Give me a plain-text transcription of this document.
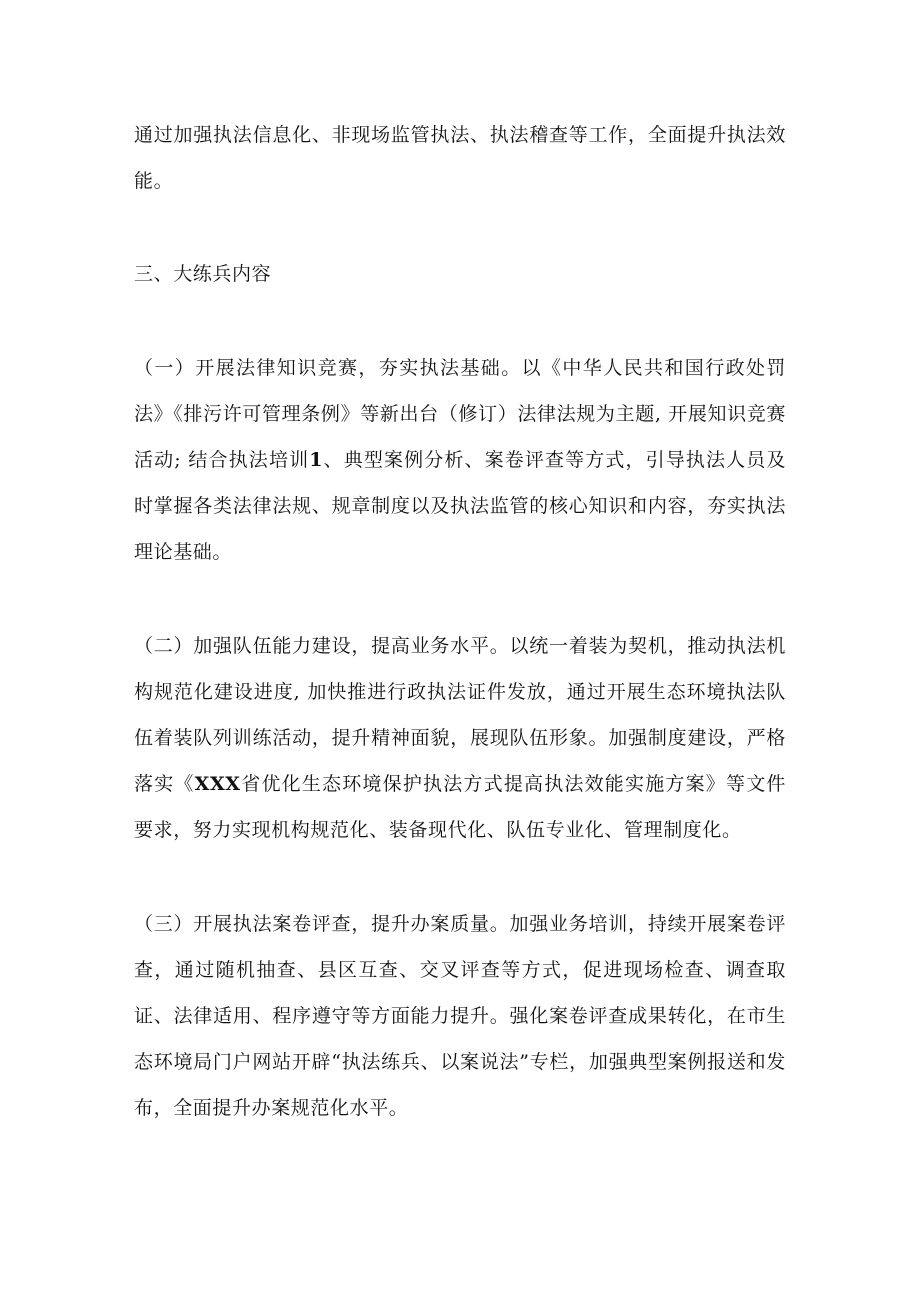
通过加强执法信息化、非现场监管执法、执法稽查等工作，全面提升执法效能。

三、大练兵内容

（一）开展法律知识竞赛，夯实执法基础。以《中华人民共和国行政处罚法》《排污许可管理条例》等新出台（修订）法律法规为主题, 开展知识竞赛活动; 结合执法培训1、典型案例分析、案卷评查等方式，引导执法人员及时掌握各类法律法规、规章制度以及执法监管的核心知识和内容，夯实执法理论基础。

（二）加强队伍能力建设，提高业务水平。以统一着装为契机，推动执法机构规范化建设进度, 加快推进行政执法证件发放，通过开展生态环境执法队伍着装队列训练活动，提升精神面貌，展现队伍形象。加强制度建设，严格落实《XXX省优化生态环境保护执法方式提高执法效能实施方案》等文件要求，努力实现机构规范化、装备现代化、队伍专业化、管理制度化。

（三）开展执法案卷评查，提升办案质量。加强业务培训，持续开展案卷评查，通过随机抽查、县区互查、交叉评查等方式，促进现场检查、调查取证、法律适用、程序遵守等方面能力提升。强化案卷评查成果转化，在市生态环境局门户网站开辟“执法练兵、以案说法”专栏，加强典型案例报送和发布，全面提升办案规范化水平。
